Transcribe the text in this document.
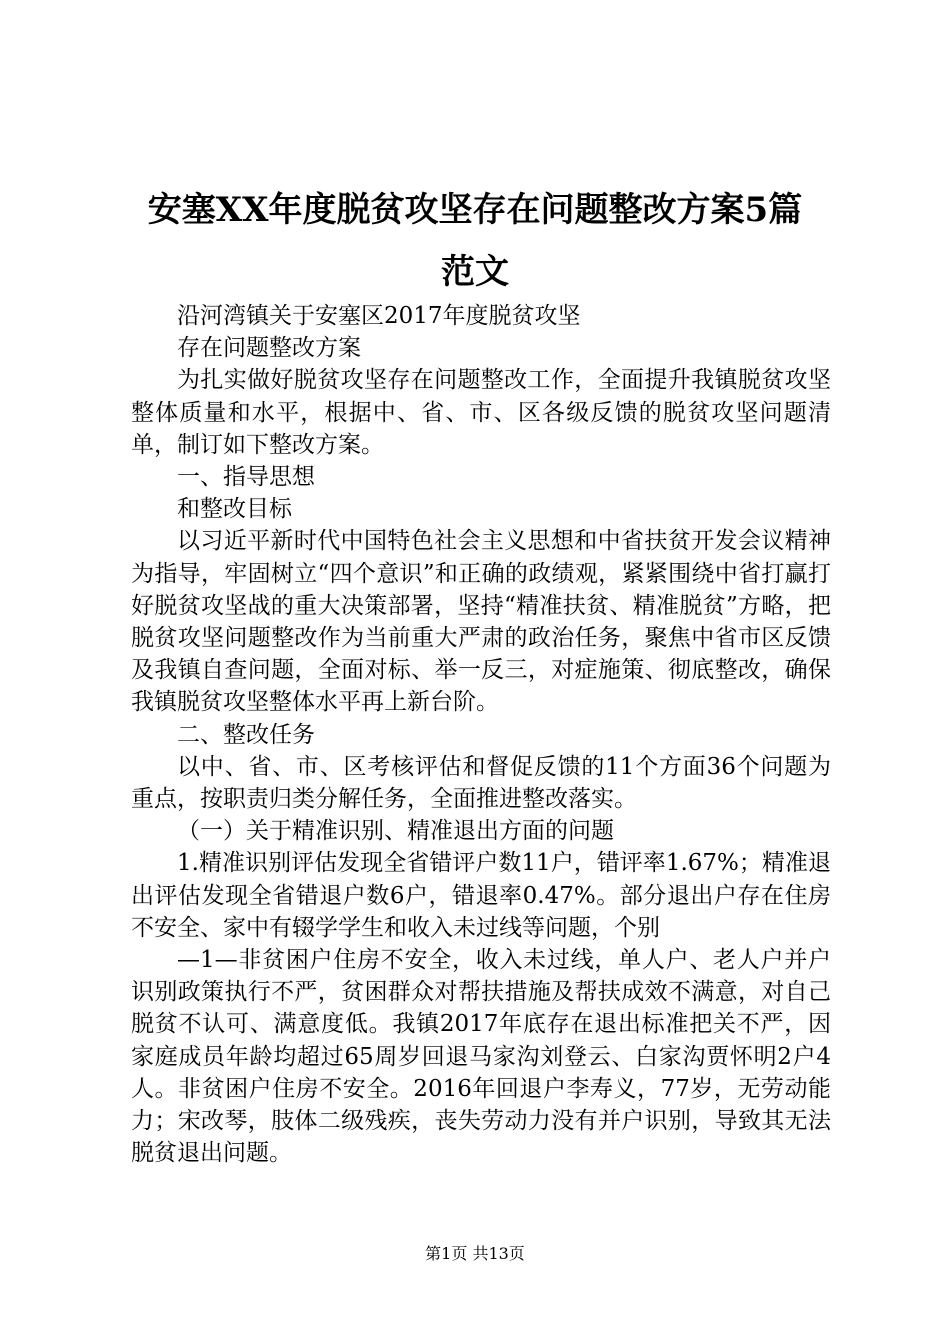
安塞XX年度脱贫攻坚存在问题整改方案5篇
范文

沿河湾镇关于安塞区2017年度脱贫攻坚

存在问题整改方案

为扎实做好脱贫攻坚存在问题整改工作，全面提升我镇脱贫攻坚整体质量和水平，根据中、省、市、区各级反馈的脱贫攻坚问题清单，制订如下整改方案。

一、指导思想

和整改目标

以习近平新时代中国特色社会主义思想和中省扶贫开发会议精神为指导，牢固树立“四个意识”和正确的政绩观，紧紧围绕中省打赢打好脱贫攻坚战的重大决策部署，坚持“精准扶贫、精准脱贫”方略，把脱贫攻坚问题整改作为当前重大严肃的政治任务，聚焦中省市区反馈及我镇自查问题，全面对标、举一反三，对症施策、彻底整改，确保我镇脱贫攻坚整体水平再上新台阶。

二、整改任务

以中、省、市、区考核评估和督促反馈的11个方面36个问题为重点，按职责归类分解任务，全面推进整改落实。

（一）关于精准识别、精准退出方面的问题

1.精准识别评估发现全省错评户数11户，错评率1.67%；精准退出评估发现全省错退户数6户，错退率0.47%。部分退出户存在住房不安全、家中有辍学学生和收入未过线等问题，个别

—1—非贫困户住房不安全，收入未过线，单人户、老人户并户识别政策执行不严，贫困群众对帮扶措施及帮扶成效不满意，对自己脱贫不认可、满意度低。我镇2017年底存在退出标准把关不严，因家庭成员年龄均超过65周岁回退马家沟刘登云、白家沟贾怀明2户4人。非贫困户住房不安全。2016年回退户李寿义，77岁，无劳动能力；宋改琴，肢体二级残疾，丧失劳动力没有并户识别，导致其无法脱贫退出问题。

第1页 共13页
